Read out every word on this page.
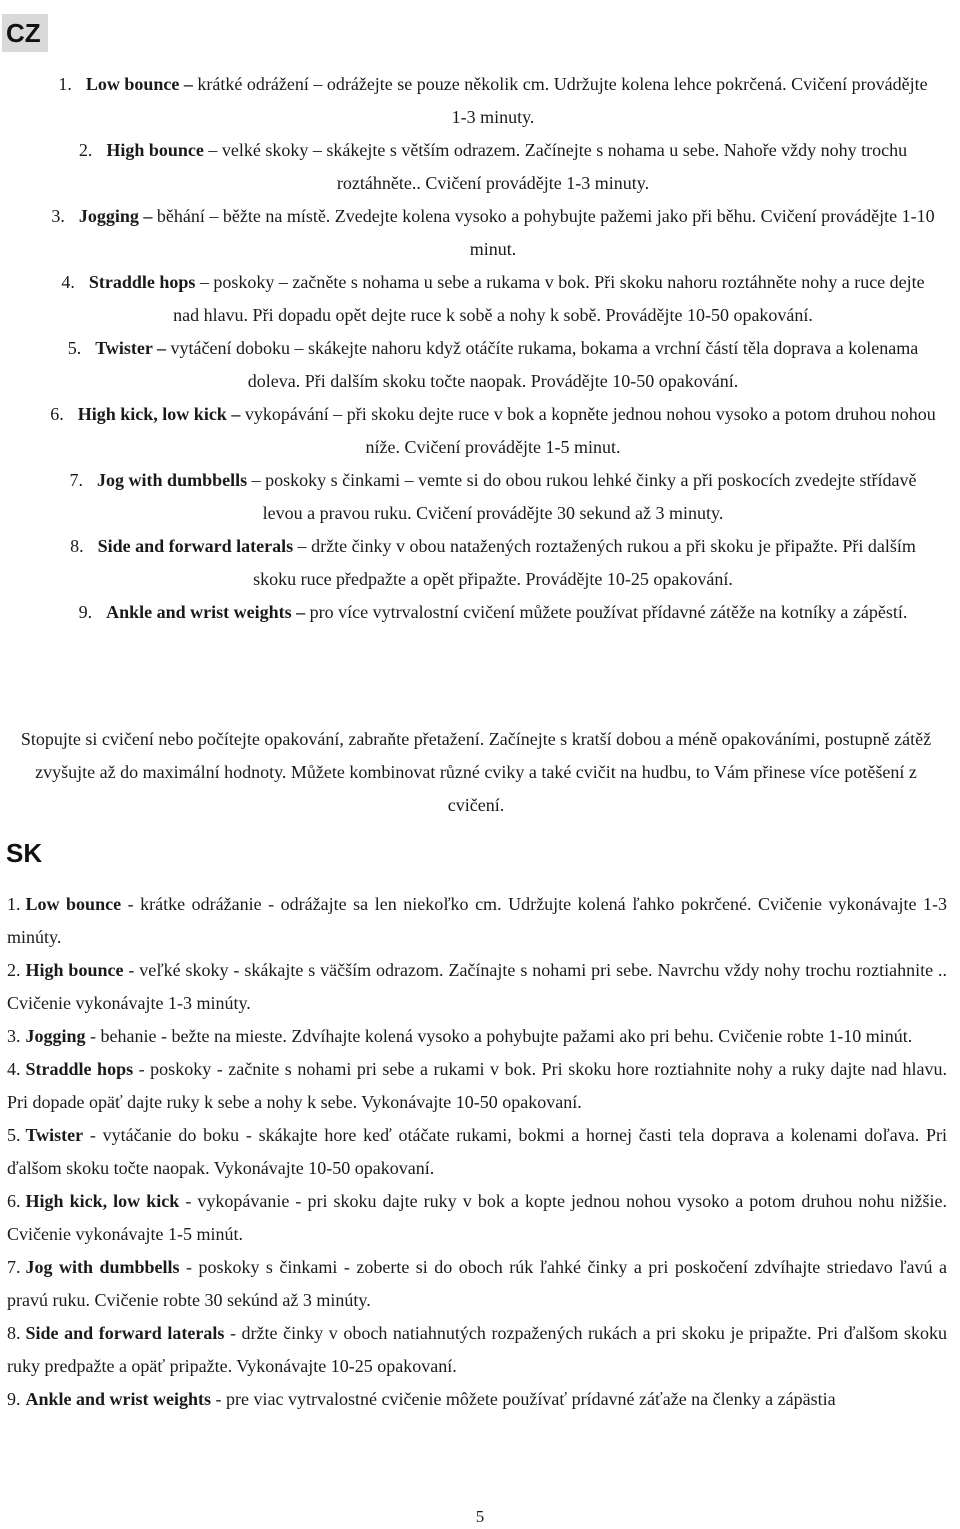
CZ
1. Low bounce – krátké odrážení – odrážejte se pouze několik cm. Udržujte kolena lehce pokrčená. Cvičení provádějte 1-3 minuty.
2. High bounce – velké skoky – skákejte s větším odrazem. Začínejte s nohama u sebe. Nahoře vždy nohy trochu roztáhněte.. Cvičení provádějte 1-3 minuty.
3. Jogging – běhání – běžte na místě. Zvedejte kolena vysoko a pohybujte pažemi jako při běhu. Cvičení provádějte 1-10 minut.
4. Straddle hops – poskoky – začněte s nohama u sebe a rukama v bok. Při skoku nahoru roztáhněte nohy a ruce dejte nad hlavu. Při dopadu opět dejte ruce k sobě a nohy k sobě. Provádějte 10-50 opakování.
5. Twister – vytáčení doboku – skákejte nahoru když otáčíte rukama, bokama a vrchní částí těla doprava a kolenama doleva. Při dalším skoku točte naopak. Provádějte 10-50 opakování.
6. High kick, low kick – vykopávání – při skoku dejte ruce v bok a kopněte jednou nohou vysoko a potom druhou nohou níže. Cvičení provádějte 1-5 minut.
7. Jog with dumbbells – poskoky s činkami – vemte si do obou rukou lehké činky a při poskocích zvedejte střídavě levou a pravou ruku. Cvičení provádějte 30 sekund až 3 minuty.
8. Side and forward laterals – držte činky v obou natažených roztažených rukou a při skoku je připažte. Při dalším skoku ruce předpažte a opět připažte. Provádějte 10-25 opakování.
9. Ankle and wrist weights – pro více vytrvalostní cvičení můžete používat přídavné zátěže na kotníky a zápěstí.

Stopujte si cvičení nebo počítejte opakování, zabraňte přetažení. Začínejte s kratší dobou a méně opakováními, postupně zátěž zvyšujte až do maximální hodnoty. Můžete kombinovat různé cviky a také cvičit na hudbu, to Vám přinese více potěšení z cvičení.

SK
1. Low bounce - krátke odrážanie - odrážajte sa len niekoľko cm. Udržujte kolená ľahko pokrčené. Cvičenie vykonávajte 1-3 minúty.
2. High bounce - veľké skoky - skákajte s väčším odrazom. Začínajte s nohami pri sebe. Navrchu vždy nohy trochu roztiahnite .. Cvičenie vykonávajte 1-3 minúty.
3. Jogging - behanie - bežte na mieste. Zdvíhajte kolená vysoko a pohybujte pažami ako pri behu. Cvičenie robte 1-10 minút.
4. Straddle hops - poskoky - začnite s nohami pri sebe a rukami v bok. Pri skoku hore roztiahnite nohy a ruky dajte nad hlavu. Pri dopade opäť dajte ruky k sebe a nohy k sebe. Vykonávajte 10-50 opakovaní.
5. Twister - vytáčanie do boku - skákajte hore keď otáčate rukami, bokmi a hornej časti tela doprava a kolenami doľava. Pri ďalšom skoku točte naopak. Vykonávajte 10-50 opakovaní.
6. High kick, low kick - vykopávanie - pri skoku dajte ruky v bok a kopte jednou nohou vysoko a potom druhou nohu nižšie. Cvičenie vykonávajte 1-5 minút.
7. Jog with dumbbells - poskoky s činkami - zoberte si do oboch rúk ľahké činky a pri poskočení zdvíhajte striedavo ľavú a pravú ruku. Cvičenie robte 30 sekúnd až 3 minúty.
8. Side and forward laterals - držte činky v oboch natiahnutých rozpažených rukách a pri skoku je pripažte. Pri ďalšom skoku ruky predpažte a opäť pripažte. Vykonávajte 10-25 opakovaní.
9. Ankle and wrist weights - pre viac vytrvalostné cvičenie môžete používať prídavné záťaže na členky a zápästia
5
